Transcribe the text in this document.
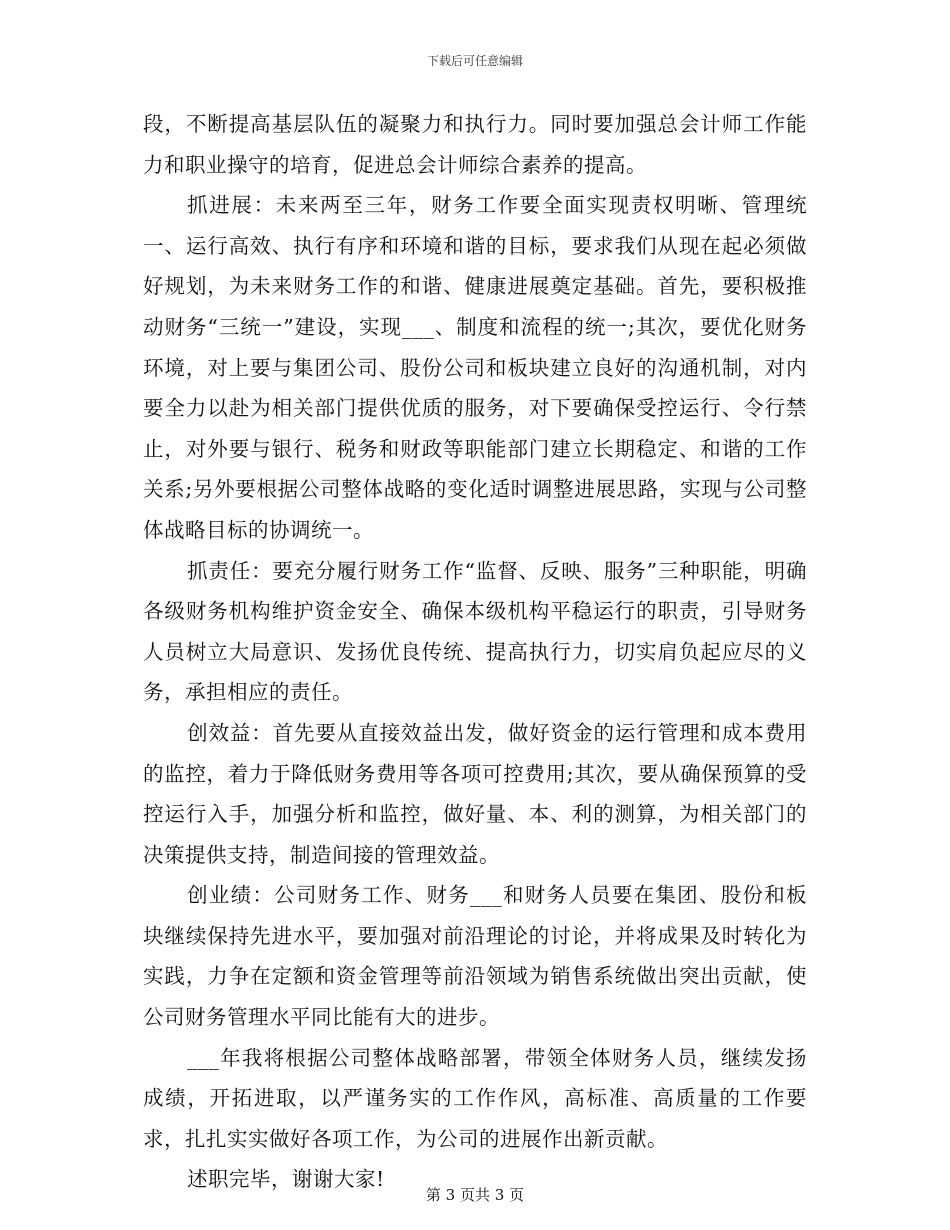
下载后可任意编辑

段，不断提高基层队伍的凝聚力和执行力。同时要加强总会计师工作能力和职业操守的培育，促进总会计师综合素养的提高。

抓进展：未来两至三年，财务工作要全面实现责权明晰、管理统一、运行高效、执行有序和环境和谐的目标，要求我们从现在起必须做好规划，为未来财务工作的和谐、健康进展奠定基础。首先，要积极推动财务“三统一”建设，实现___、制度和流程的统一;其次，要优化财务环境，对上要与集团公司、股份公司和板块建立良好的沟通机制，对内要全力以赴为相关部门提供优质的服务，对下要确保受控运行、令行禁止，对外要与银行、税务和财政等职能部门建立长期稳定、和谐的工作关系;另外要根据公司整体战略的变化适时调整进展思路，实现与公司整体战略目标的协调统一。

抓责任：要充分履行财务工作“监督、反映、服务”三种职能，明确各级财务机构维护资金安全、确保本级机构平稳运行的职责，引导财务人员树立大局意识、发扬优良传统、提高执行力，切实肩负起应尽的义务，承担相应的责任。

创效益：首先要从直接效益出发，做好资金的运行管理和成本费用的监控，着力于降低财务费用等各项可控费用;其次，要从确保预算的受控运行入手，加强分析和监控，做好量、本、利的测算，为相关部门的决策提供支持，制造间接的管理效益。

创业绩：公司财务工作、财务___和财务人员要在集团、股份和板块继续保持先进水平，要加强对前沿理论的讨论，并将成果及时转化为实践，力争在定额和资金管理等前沿领域为销售系统做出突出贡献，使公司财务管理水平同比能有大的进步。

___年我将根据公司整体战略部署，带领全体财务人员，继续发扬成绩，开拓进取，以严谨务实的工作作风，高标准、高质量的工作要求，扎扎实实做好各项工作，为公司的进展作出新贡献。

述职完毕，谢谢大家!

第 3 页共 3 页
